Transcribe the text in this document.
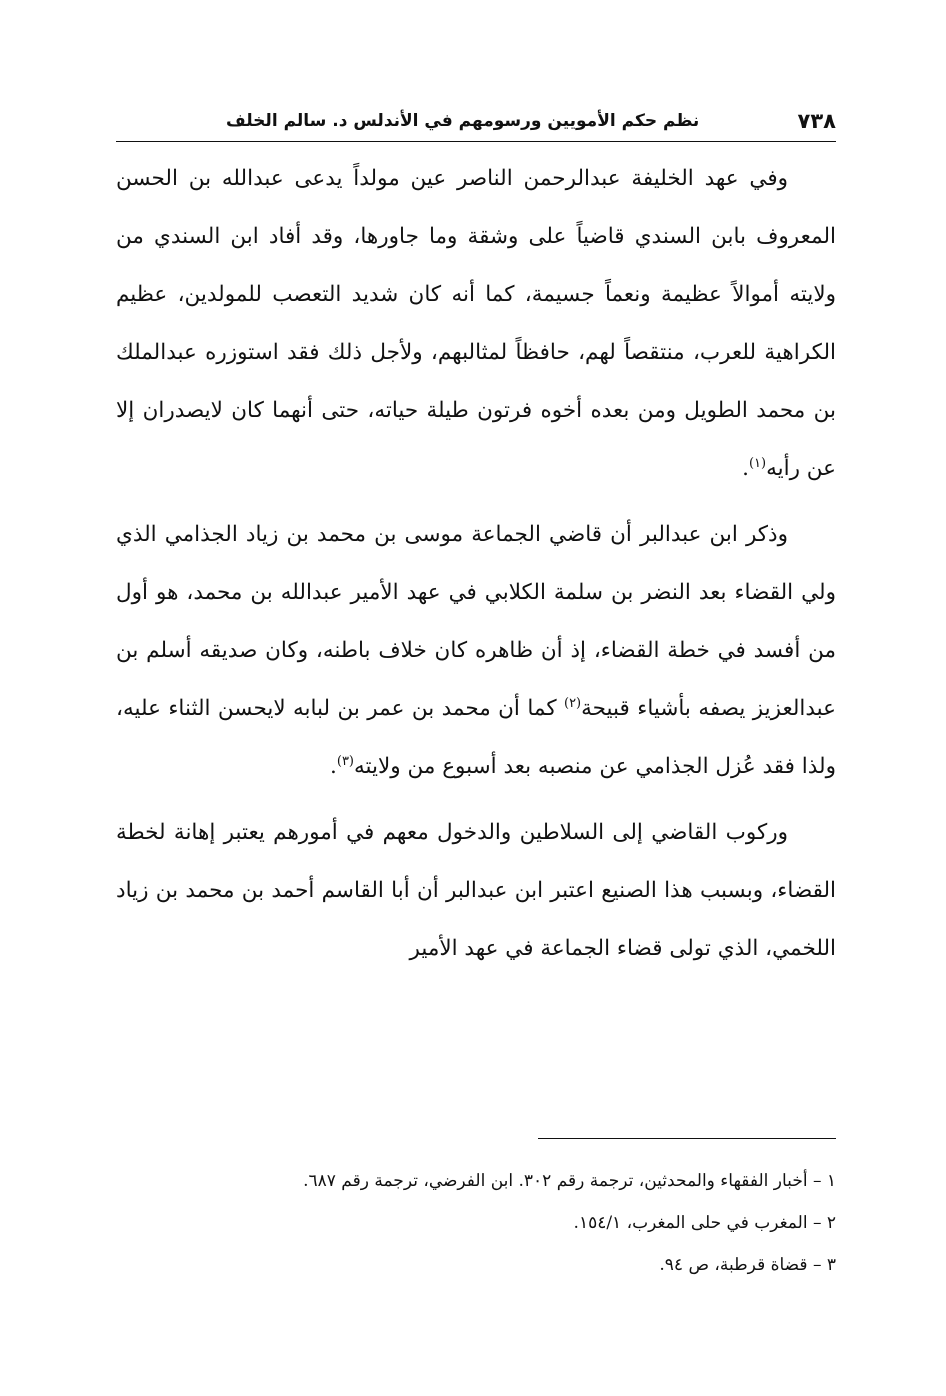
٧٣٨
نظم حكم الأمويين ورسومهم في الأندلس د. سالم الخلف

وفي عهد الخليفة عبدالرحمن الناصر عين مولداً يدعى عبدالله بن الحسن المعروف بابن السندي قاضياً على وشقة وما جاورها، وقد أفاد ابن السندي من ولايته أموالاً عظيمة ونعماً جسيمة، كما أنه كان شديد التعصب للمولدين، عظيم الكراهية للعرب، منتقصاً لهم، حافظاً لمثالبهم، ولأجل ذلك فقد استوزره عبدالملك بن محمد الطويل ومن بعده أخوه فرتون طيلة حياته، حتى أنهما كان لايصدران إلا عن رأيه$^{(١)}$.

وذكر ابن عبدالبر أن قاضي الجماعة موسى بن محمد بن زياد الجذامي الذي ولي القضاء بعد النضر بن سلمة الكلابي في عهد الأمير عبدالله بن محمد، هو أول من أفسد في خطة القضاء، إذ أن ظاهره كان خلاف باطنه، وكان صديقه أسلم بن عبدالعزيز يصفه بأشياء قبيحة$^{(٢)}$ كما أن محمد بن عمر بن لبابه لايحسن الثناء عليه، ولذا فقد عُزل الجذامي عن منصبه بعد أسبوع من ولايته$^{(٣)}$.

وركوب القاضي إلى السلاطين والدخول معهم في أمورهم يعتبر إهانة لخطة القضاء، وبسبب هذا الصنيع اعتبر ابن عبدالبر أن أبا القاسم أحمد بن محمد بن زياد اللخمي، الذي تولى قضاء الجماعة في عهد الأمير

١ – أخبار الفقهاء والمحدثين، ترجمة رقم ٣٠٢. ابن الفرضي، ترجمة رقم ٦٨٧.
٢ – المغرب في حلى المغرب، ١٥٤/١.
٣ – قضاة قرطبة، ص ٩٤.
